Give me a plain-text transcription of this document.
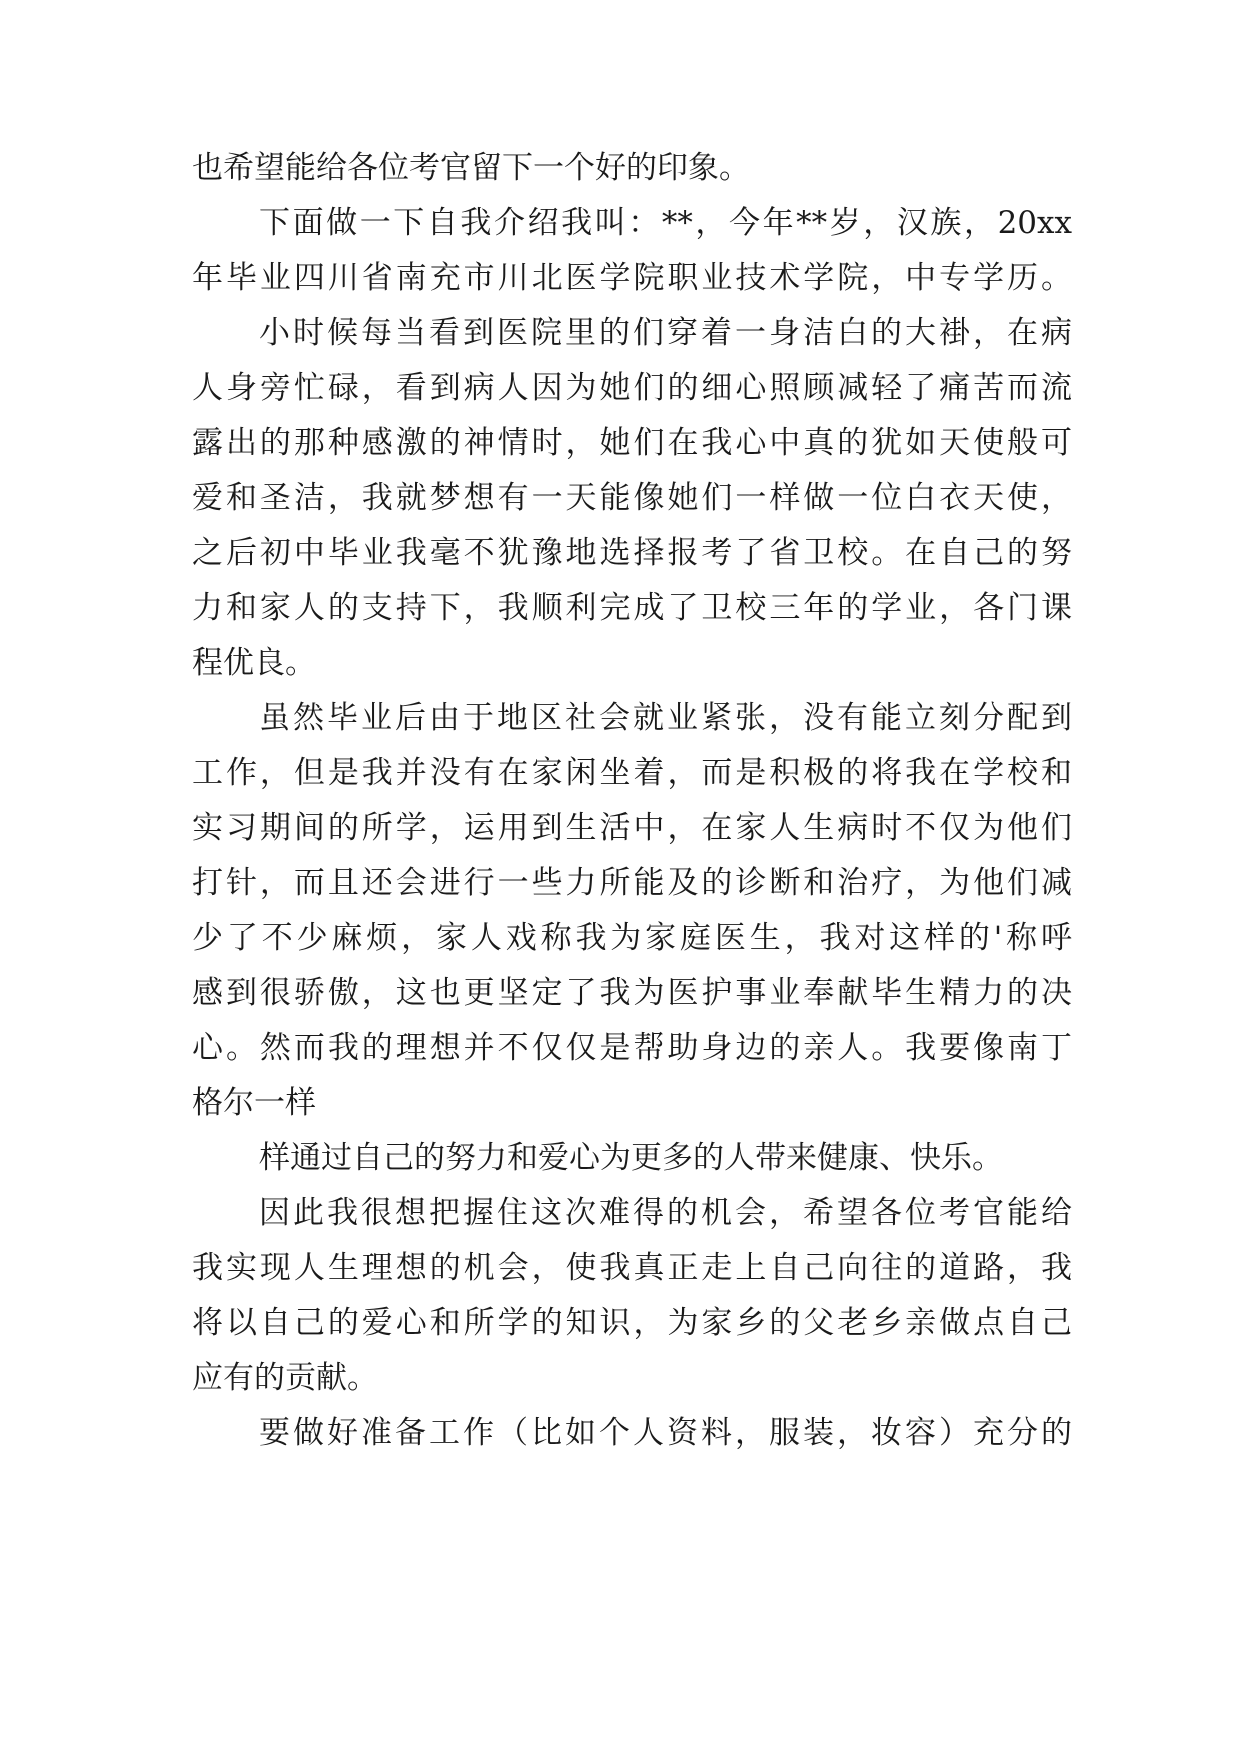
也希望能给各位考官留下一个好的印象。
下面做一下自我介绍我叫：**，今年**岁，汉族，20xx
年毕业四川省南充市川北医学院职业技术学院，中专学历。
小时候每当看到医院里的们穿着一身洁白的大褂，在病
人身旁忙碌，看到病人因为她们的细心照顾减轻了痛苦而流
露出的那种感激的神情时，她们在我心中真的犹如天使般可
爱和圣洁，我就梦想有一天能像她们一样做一位白衣天使，
之后初中毕业我毫不犹豫地选择报考了省卫校。在自己的努
力和家人的支持下，我顺利完成了卫校三年的学业，各门课
程优良。
虽然毕业后由于地区社会就业紧张，没有能立刻分配到
工作，但是我并没有在家闲坐着，而是积极的将我在学校和
实习期间的所学，运用到生活中，在家人生病时不仅为他们
打针，而且还会进行一些力所能及的诊断和治疗，为他们减
少了不少麻烦，家人戏称我为家庭医生，我对这样的'称呼
感到很骄傲，这也更坚定了我为医护事业奉献毕生精力的决
心。然而我的理想并不仅仅是帮助身边的亲人。我要像南丁
格尔一样
样通过自己的努力和爱心为更多的人带来健康、快乐。
因此我很想把握住这次难得的机会，希望各位考官能给
我实现人生理想的机会，使我真正走上自己向往的道路，我
将以自己的爱心和所学的知识，为家乡的父老乡亲做点自己
应有的贡献。
要做好准备工作（比如个人资料，服装，妆容）充分的
